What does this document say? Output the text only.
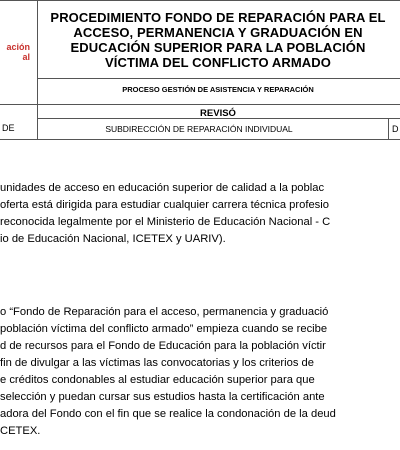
ación
al
PROCEDIMIENTO FONDO DE REPARACIÓN PARA EL
ACCESO, PERMANENCIA Y GRADUACIÓN EN
EDUCACIÓN SUPERIOR PARA LA POBLACIÓN
VÍCTIMA DEL CONFLICTO ARMADO
PROCESO GESTIÓN DE ASISTENCIA Y REPARACIÓN
REVISÓ
DE	SUBDIRECCIÓN DE REPARACIÓN INDIVIDUAL	D
unidades de acceso en educación superior de calidad a la poblac
oferta está dirigida para estudiar cualquier carrera técnica profesio
reconocida legalmente por el Ministerio de Educación Nacional - C
io de Educación Nacional, ICETEX y UARIV).
o “Fondo de Reparación para el acceso, permanencia y graduació
población víctima del conflicto armado” empieza cuando se recibe
d de recursos para el Fondo de Educación para la población víctir
fin de divulgar a las víctimas las convocatorias y los criterios de
e créditos condonables al estudiar educación superior para que
selección y puedan cursar sus estudios hasta la certificación ante
adora del Fondo con el fin que se realice la condonación de la deud
CETEX.
